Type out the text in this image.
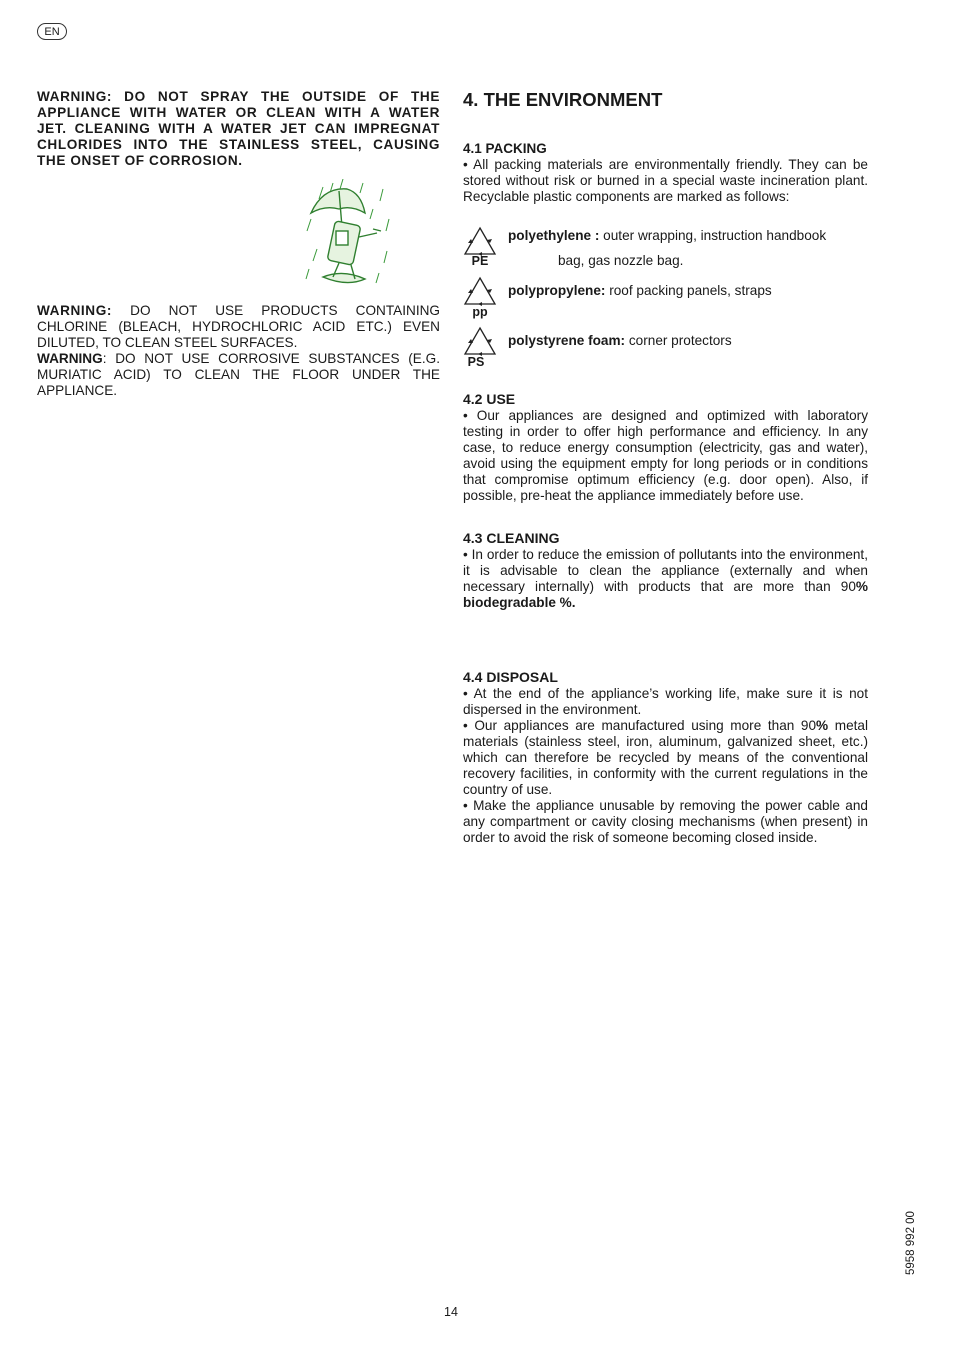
EN

WARNING: DO NOT SPRAY THE OUTSIDE OF THE APPLIANCE WITH WATER OR CLEAN WITH A WATER JET. CLEANING WITH A WATER JET CAN IMPREGNAT CHLORIDES INTO THE STAINLESS STEEL, CAUSING THE ONSET OF CORROSION.

WARNING: DO NOT USE PRODUCTS CONTAINING CHLORINE (BLEACH, HYDROCHLORIC ACID ETC.) EVEN DILUTED, TO CLEAN STEEL SURFACES.

WARNING: DO NOT USE CORROSIVE SUBSTANCES (E.G. MURIATIC ACID) TO CLEAN THE FLOOR UNDER THE APPLIANCE.

4. THE ENVIRONMENT
4.1 PACKING

• All packing materials are environmentally friendly. They can be stored without risk or burned in a special waste incineration plant. Recyclable plastic components are marked as follows:

PE
polyethylene : outer wrapping, instruction handbook
bag, gas nozzle bag.
pp
polypropylene: roof packing panels, straps
PS
polystyrene foam: corner protectors
4.2 USE

• Our appliances are designed and optimized with laboratory testing in order to offer high performance and efficiency. In any case, to reduce energy consumption (electricity, gas and water), avoid using the equipment empty for long periods or in conditions that compromise optimum efficiency (e.g. door open). Also, if possible, pre-heat the appliance immediately before use.

4.3 CLEANING

• In order to reduce the emission of pollutants into the environment, it is advisable to clean the appliance (externally and when necessary internally) with products that are more than 90% biodegradable %.

4.4 DISPOSAL

• At the end of the appliance’s working life, make sure it is not dispersed in the environment.

• Our appliances are manufactured using more than 90% metal materials (stainless steel, iron, aluminum, galvanized sheet, etc.) which can therefore be recycled by means of the conventional recovery facilities, in conformity with the current regulations in the country of use.

• Make the appliance unusable by removing the power cable and any compartment or cavity closing mechanisms (when present) in order to avoid the risk of someone becoming closed inside.

14
5958 992 00
